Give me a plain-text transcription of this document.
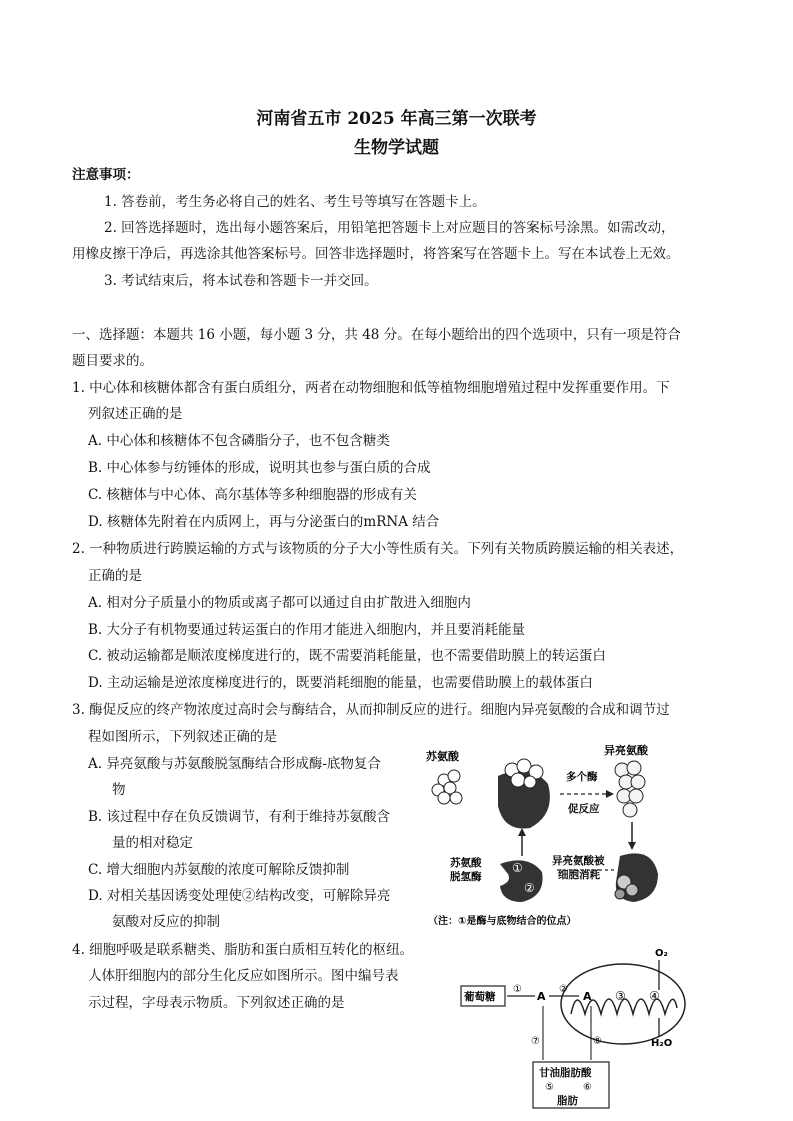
河南省五市 2025 年高三第一次联考
生物学试题
注意事项：
1. 答卷前，考生务必将自己的姓名、考生号等填写在答题卡上。
2. 回答选择题时，选出每小题答案后，用铅笔把答题卡上对应题目的答案标号涂黑。如需改动，
用橡皮擦干净后，再选涂其他答案标号。回答非选择题时，将答案写在答题卡上。写在本试卷上无效。
3. 考试结束后，将本试卷和答题卡一并交回。
一、选择题：本题共 16 小题，每小题 3 分，共 48 分。在每小题给出的四个选项中，只有一项是符合
题目要求的。
1. 中心体和核糖体都含有蛋白质组分，两者在动物细胞和低等植物细胞增殖过程中发挥重要作用。下
列叙述正确的是
A. 中心体和核糖体不包含磷脂分子，也不包含糖类
B. 中心体参与纺锤体的形成，说明其也参与蛋白质的合成
C. 核糖体与中心体、高尔基体等多种细胞器的形成有关
D. 核糖体先附着在内质网上，再与分泌蛋白的mRNA 结合
2. 一种物质进行跨膜运输的方式与该物质的分子大小等性质有关。下列有关物质跨膜运输的相关表述，
正确的是
A. 相对分子质量小的物质或离子都可以通过自由扩散进入细胞内
B. 大分子有机物要通过转运蛋白的作用才能进入细胞内，并且要消耗能量
C. 被动运输都是顺浓度梯度进行的，既不需要消耗能量，也不需要借助膜上的转运蛋白
D. 主动运输是逆浓度梯度进行的，既要消耗细胞的能量，也需要借助膜上的载体蛋白
3. 酶促反应的终产物浓度过高时会与酶结合，从而抑制反应的进行。细胞内异亮氨酸的合成和调节过
程如图所示，下列叙述正确的是
A. 异亮氨酸与苏氨酸脱氢酶结合形成酶-底物复合
物
B. 该过程中存在负反馈调节，有利于维持苏氨酸含
量的相对稳定
C. 增大细胞内苏氨酸的浓度可解除反馈抑制
D. 对相关基因诱变处理使②结构改变，可解除异亮
氨酸对反应的抑制
苏氨酸	异亮氨酸
多个酶
促反应
异亮氨酸被
细胞消耗
①
②
苏氨酸
脱氢酶
（注：①是酶与底物结合的位点）
4. 细胞呼吸是联系糖类、脂肪和蛋白质相互转化的枢纽。
人体肝细胞内的部分生化反应如图所示。图中编号表
示过程，字母表示物质。下列叙述正确的是
O₂
H₂O
葡萄糖
①
A
②
A ③ ④
⑦	⑧
甘油脂肪酸
⑤	⑥
脂肪
